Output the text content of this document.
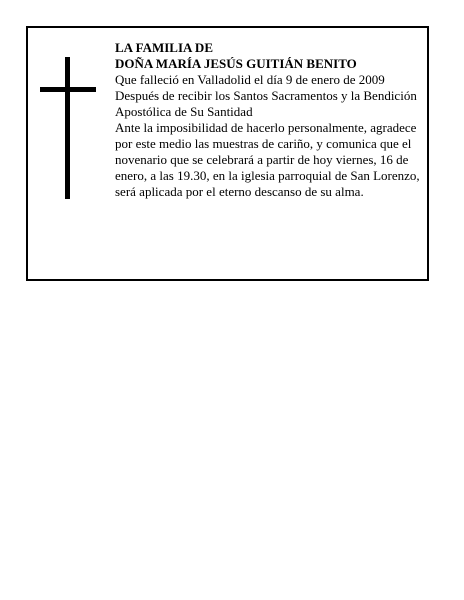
LA FAMILIA DE

DOÑA MARÍA JESÚS GUITIÁN BENITO

Que falleció en Valladolid el día 9 de enero de 2009

Después de recibir los Santos Sacramentos y la Bendición Apostólica de Su Santidad

Ante la imposibilidad de hacerlo personalmente, agradece por este medio las muestras de cariño, y comunica que el novenario que se celebrará a partir de hoy viernes, 16 de enero, a las 19.30, en la iglesia parroquial de San Lorenzo, será aplicada por el eterno descanso de su alma.
